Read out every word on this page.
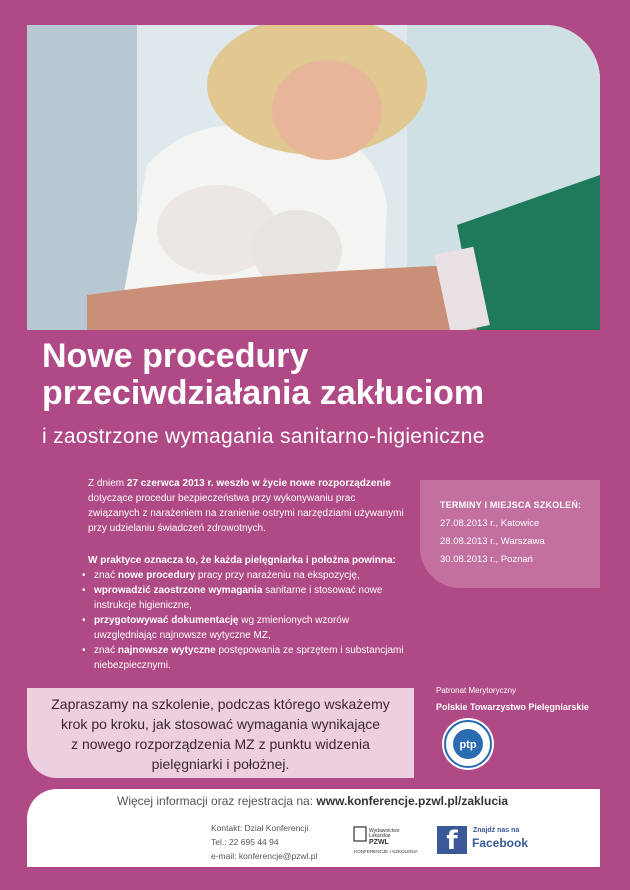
Nowe procedury
przeciwdziałania zakłuciom
i zaostrzone wymagania sanitarno-higieniczne
Z dniem 27 czerwca 2013 r. weszło w życie nowe rozporządzenie dotyczące procedur bezpieczeństwa przy wykonywaniu prac związanych z narażeniem na zranienie ostrymi narzędziami używanymi przy udzielaniu świadczeń zdrowotnych.
W praktyce oznacza to, że każda pielęgniarka i położna powinna:
• znać nowe procedury pracy przy narażeniu na ekspozycję,
• wprowadzić zaostrzone wymagania sanitarne i stosować nowe instrukcje higieniczne,
• przygotowywać dokumentację wg zmienionych wzorów uwzględniając najnowsze wytyczne MZ,
• znać najnowsze wytyczne postępowania ze sprzętem i substancjami niebezpiecznymi.
TERMINY I MIEJSCA SZKOLEŃ:
27.08.2013 r., Katowice
28.08.2013 r., Warszawa
30.08.2013 r., Poznań
Zapraszamy na szkolenie, podczas którego wskażemy
krok po kroku, jak stosować wymagania wynikające
z nowego rozporządzenia MZ z punktu widzenia
pielęgniarki i położnej.
Patronat Merytoryczny
Polskie Towarzystwo Pielęgniarskie
ptp
Więcej informacji oraz rejestracja na: www.konferencje.pzwl.pl/zakluciа
Kontakt: Dział Konferencji
Tel.: 22 695 44 94
e-mail: konferencje@pzwl.pl
Wydawnictwo
Lekarskie
PZWL
KONFERENCJE I SZKOLENIA	f	Znajdź nas na
Facebook
